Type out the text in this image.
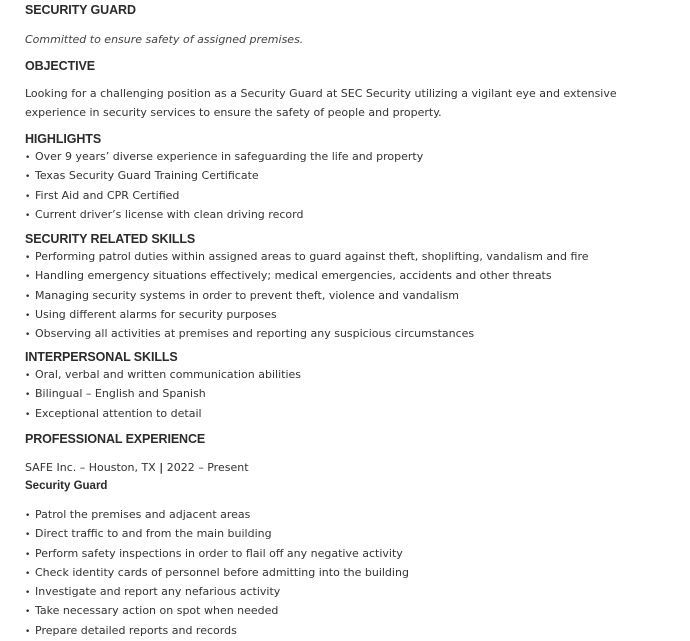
SECURITY GUARD
Committed to ensure safety of assigned premises.
OBJECTIVE
Looking for a challenging position as a Security Guard at SEC Security utilizing a vigilant eye and extensive experience in security services to ensure the safety of people and property.
HIGHLIGHTS
• Over 9 years’ diverse experience in safeguarding the life and property
• Texas Security Guard Training Certificate
• First Aid and CPR Certified
• Current driver’s license with clean driving record
SECURITY RELATED SKILLS
• Performing patrol duties within assigned areas to guard against theft, shoplifting, vandalism and fire
• Handling emergency situations effectively; medical emergencies, accidents and other threats
• Managing security systems in order to prevent theft, violence and vandalism
• Using different alarms for security purposes
• Observing all activities at premises and reporting any suspicious circumstances
INTERPERSONAL SKILLS
• Oral, verbal and written communication abilities
• Bilingual – English and Spanish
• Exceptional attention to detail
PROFESSIONAL EXPERIENCE
SAFE Inc. – Houston, TX | 2022 – Present
Security Guard
• Patrol the premises and adjacent areas
• Direct traffic to and from the main building
• Perform safety inspections in order to flail off any negative activity
• Check identity cards of personnel before admitting into the building
• Investigate and report any nefarious activity
• Take necessary action on spot when needed
• Prepare detailed reports and records
